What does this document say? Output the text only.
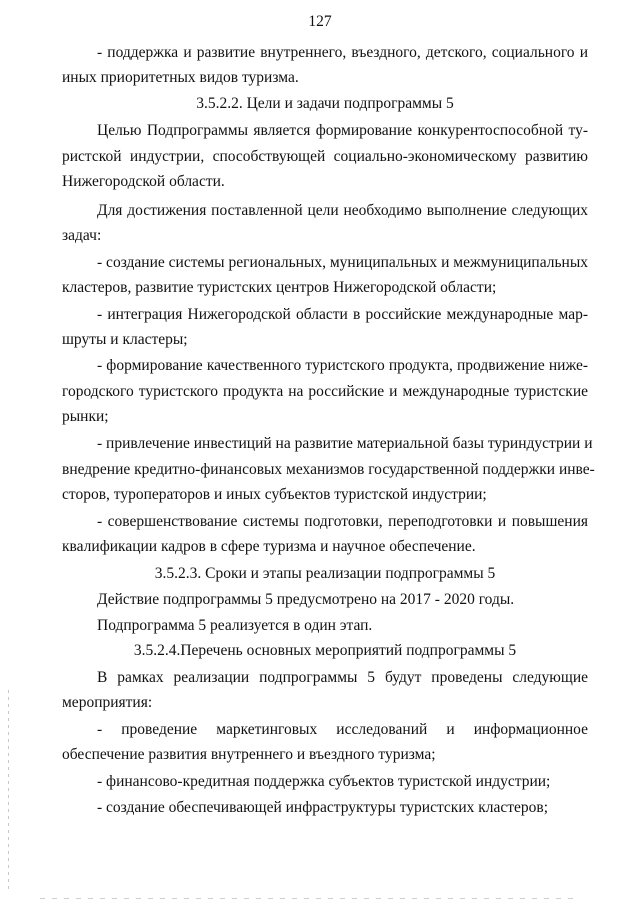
127
- поддержка и развитие внутреннего, въездного, детского, социального и
иных приоритетных видов туризма.
3.5.2.2. Цели и задачи подпрограммы 5
Целью Подпрограммы является формирование конкурентоспособной ту-
ристской индустрии, способствующей социально-экономическому развитию
Нижегородской области.
Для достижения поставленной цели необходимо выполнение следующих
задач:
- создание системы региональных, муниципальных и межмуниципальных
кластеров, развитие туристских центров Нижегородской области;
- интеграция Нижегородской области в российские международные мар-
шруты и кластеры;
- формирование качественного туристского продукта, продвижение ниже-
городского туристского продукта на российские и международные туристские
рынки;
- привлечение инвестиций на развитие материальной базы туриндустрии и
внедрение кредитно-финансовых механизмов государственной поддержки инве-
сторов, туроператоров и иных субъектов туристской индустрии;
- совершенствование системы подготовки, переподготовки и повышения
квалификации кадров в сфере туризма и научное обеспечение.
3.5.2.3. Сроки и этапы реализации подпрограммы 5
Действие подпрограммы 5 предусмотрено на 2017 - 2020 годы.
Подпрограмма 5 реализуется в один этап.
3.5.2.4.Перечень основных мероприятий подпрограммы 5
В рамках реализации подпрограммы 5 будут проведены следующие
мероприятия:
- проведение маркетинговых исследований и информационное
обеспечение развития внутреннего и въездного туризма;
- финансово-кредитная поддержка субъектов туристской индустрии;
- создание обеспечивающей инфраструктуры туристских кластеров;
